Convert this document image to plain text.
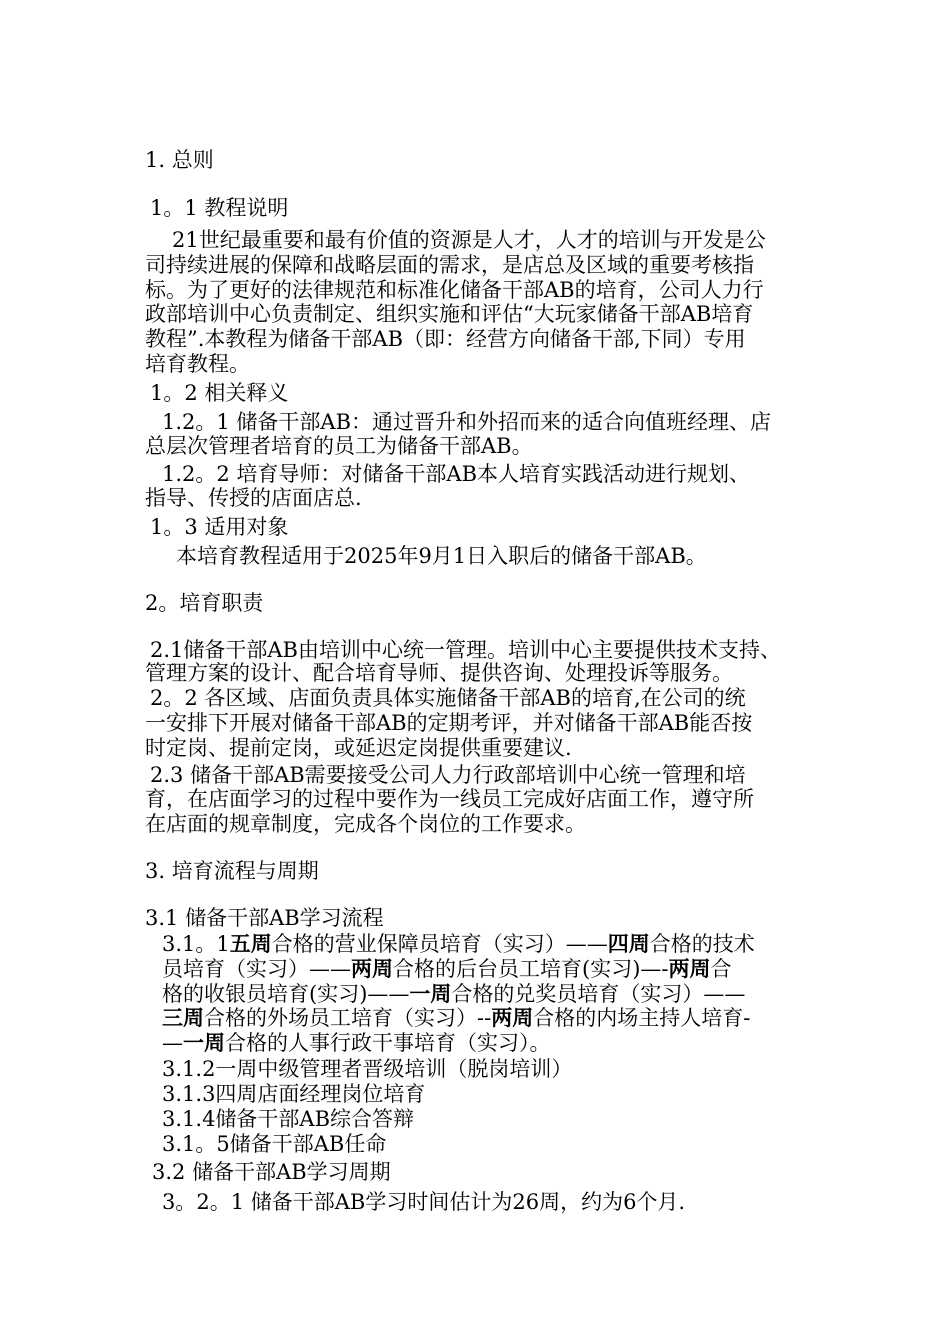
1. 总则
1。1 教程说明
21世纪最重要和最有价值的资源是人才，人才的培训与开发是公
司持续进展的保障和战略层面的需求，是店总及区域的重要考核指
标。为了更好的法律规范和标准化储备干部AB的培育，公司人力行
政部培训中心负责制定、组织实施和评估“大玩家储备干部AB培育
教程”.本教程为储备干部AB（即：经营方向储备干部,下同）专用
培育教程。
1。2 相关释义
1.2。1 储备干部AB：通过晋升和外招而来的适合向值班经理、店
总层次管理者培育的员工为储备干部AB。
1.2。2 培育导师：对储备干部AB本人培育实践活动进行规划、
指导、传授的店面店总.
1。3 适用对象
本培育教程适用于2025年9月1日入职后的储备干部AB。
2。培育职责
2.1储备干部AB由培训中心统一管理。培训中心主要提供技术支持、
管理方案的设计、配合培育导师、提供咨询、处理投诉等服务。
2。2 各区域、店面负责具体实施储备干部AB的培育,在公司的统
一安排下开展对储备干部AB的定期考评，并对储备干部AB能否按
时定岗、提前定岗，或延迟定岗提供重要建议.
2.3 储备干部AB需要接受公司人力行政部培训中心统一管理和培
育，在店面学习的过程中要作为一线员工完成好店面工作，遵守所
在店面的规章制度，完成各个岗位的工作要求。
3. 培育流程与周期
3.1 储备干部AB学习流程
3.1。1五周合格的营业保障员培育（实习）——四周合格的技术
员培育（实习）——两周合格的后台员工培育(实习)—-两周合
格的收银员培育(实习)——一周合格的兑奖员培育（实习）——
三周合格的外场员工培育（实习）--两周合格的内场主持人培育-
—一周合格的人事行政干事培育（实习）。
3.1.2一周中级管理者晋级培训（脱岗培训）
3.1.3四周店面经理岗位培育
3.1.4储备干部AB综合答辩
3.1。5储备干部AB任命
3.2 储备干部AB学习周期
3。2。1 储备干部AB学习时间估计为26周，约为6个月.
